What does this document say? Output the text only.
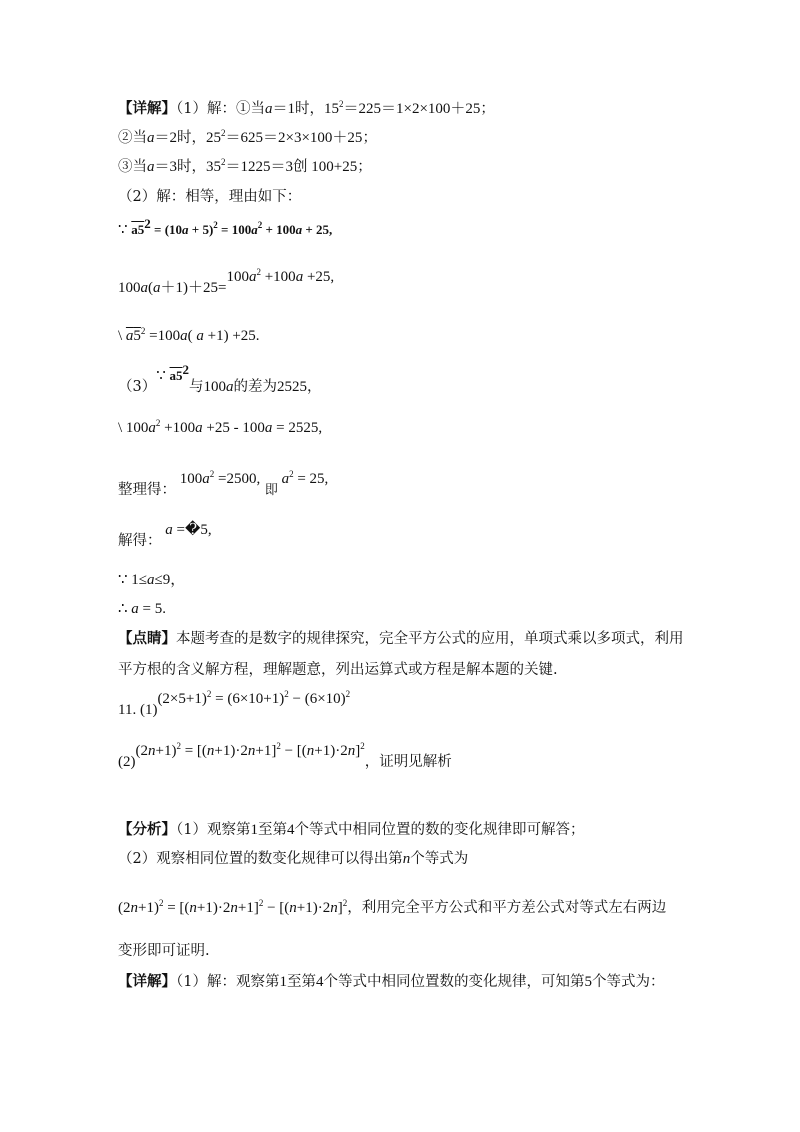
【详解】（1）解：①当a＝1时，$15^2=225=1\times 2\times 100+25$；
②当a＝2时，$25^2=625=2\times 3\times 100+25$；
③当a＝3时，$35^2=1225=3$创 100+25；
（2）解：相等，理由如下：
∵ $a5^2 = (10a + 5)^2 = 100a^2 + 100a + 25$,
$100a(a+1)+25=100a^2 +100a +25$,
\ $\overline{a}5^2 =100a$( a +1) +25.
（3）∵ $a5^2$与100a的差为2525，
\ $100a^2 +100a +25 - 100a = 2525$,
整理得： $100a^2 =2500$, 即 $a^2 = 25$,
解得： a =�5,
∵ 1≤a≤9，
∴ a = 5.
【点睛】本题考查的是数字的规律探究，完全平方公式的应用，单项式乘以多项式，利用
平方根的含义解方程，理解题意，列出运算式或方程是解本题的关键.
11. $(1)(2\times 5+1)^2 = (6\times 10+1)^2 - (6\times 10)^2$
$(2)(2n+1)^2 = [(n+1)\cdot 2n+1]^2 - [(n+1)\cdot 2n]^2$，证明见解析
【分析】（1）观察第1至第4个等式中相同位置的数的变化规律即可解答；
（2）观察相同位置的数变化规律可以得出第n个等式为
$(2n+1)^2 = [(n+1)\cdot 2n+1]^2 - [(n+1)\cdot 2n]^2$，利用完全平方公式和平方差公式对等式左右两边
变形即可证明.
【详解】（1）解：观察第1至第4个等式中相同位置数的变化规律，可知第5个等式为：
